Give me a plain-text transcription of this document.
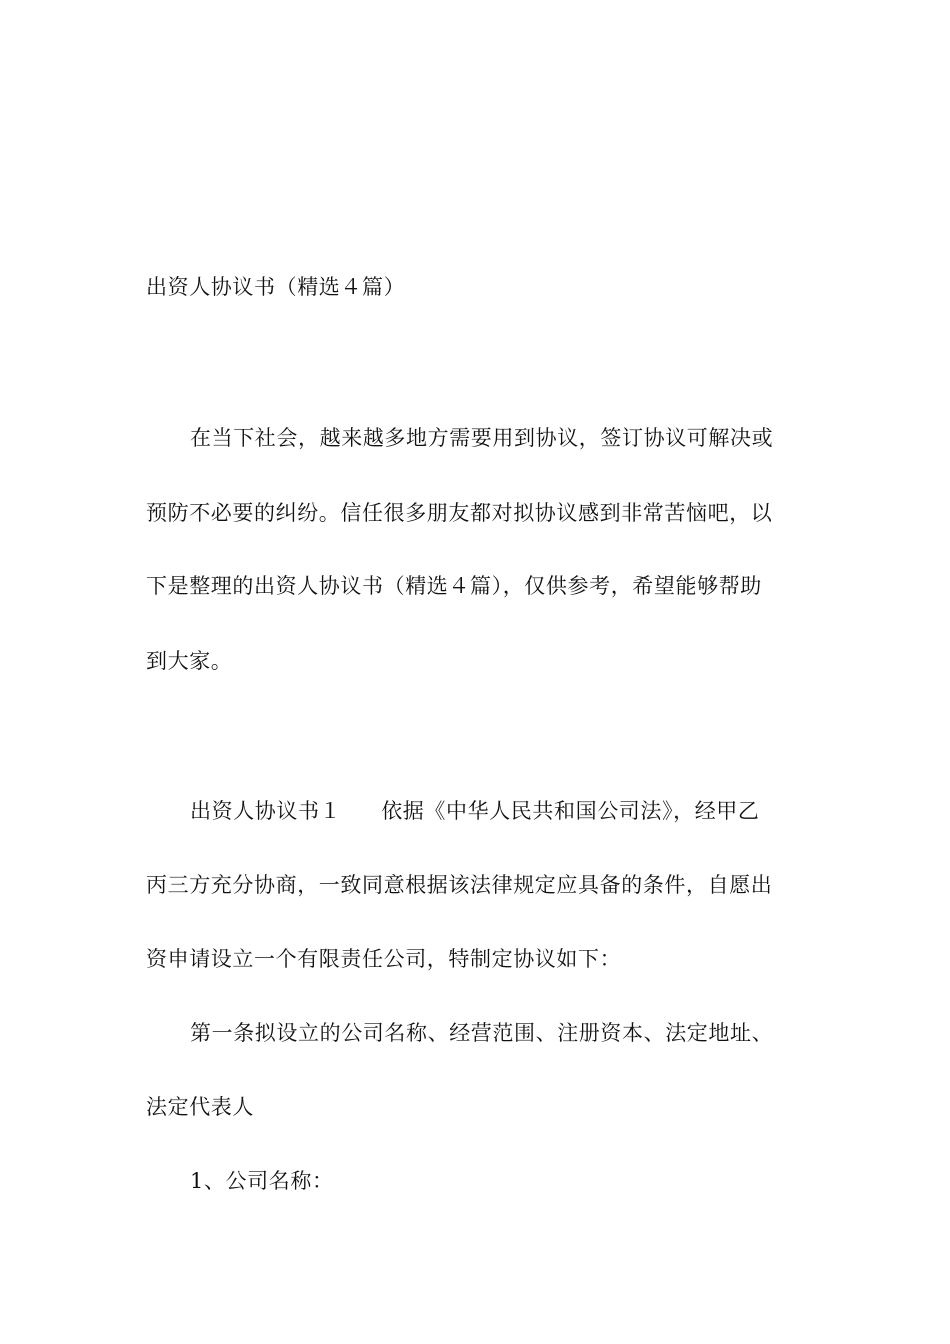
出资人协议书（精选４篇）
在当下社会，越来越多地方需要用到协议，签订协议可解决或
预防不必要的纠纷。信任很多朋友都对拟协议感到非常苦恼吧，以
下是整理的出资人协议书（精选４篇），仅供参考，希望能够帮助
到大家。
出资人协议书１ 依据《中华人民共和国公司法》，经甲乙
丙三方充分协商，一致同意根据该法律规定应具备的条件，自愿出
资申请设立一个有限责任公司，特制定协议如下：
第一条拟设立的公司名称、经营范围、注册资本、法定地址、
法定代表人
1、公司名称：
